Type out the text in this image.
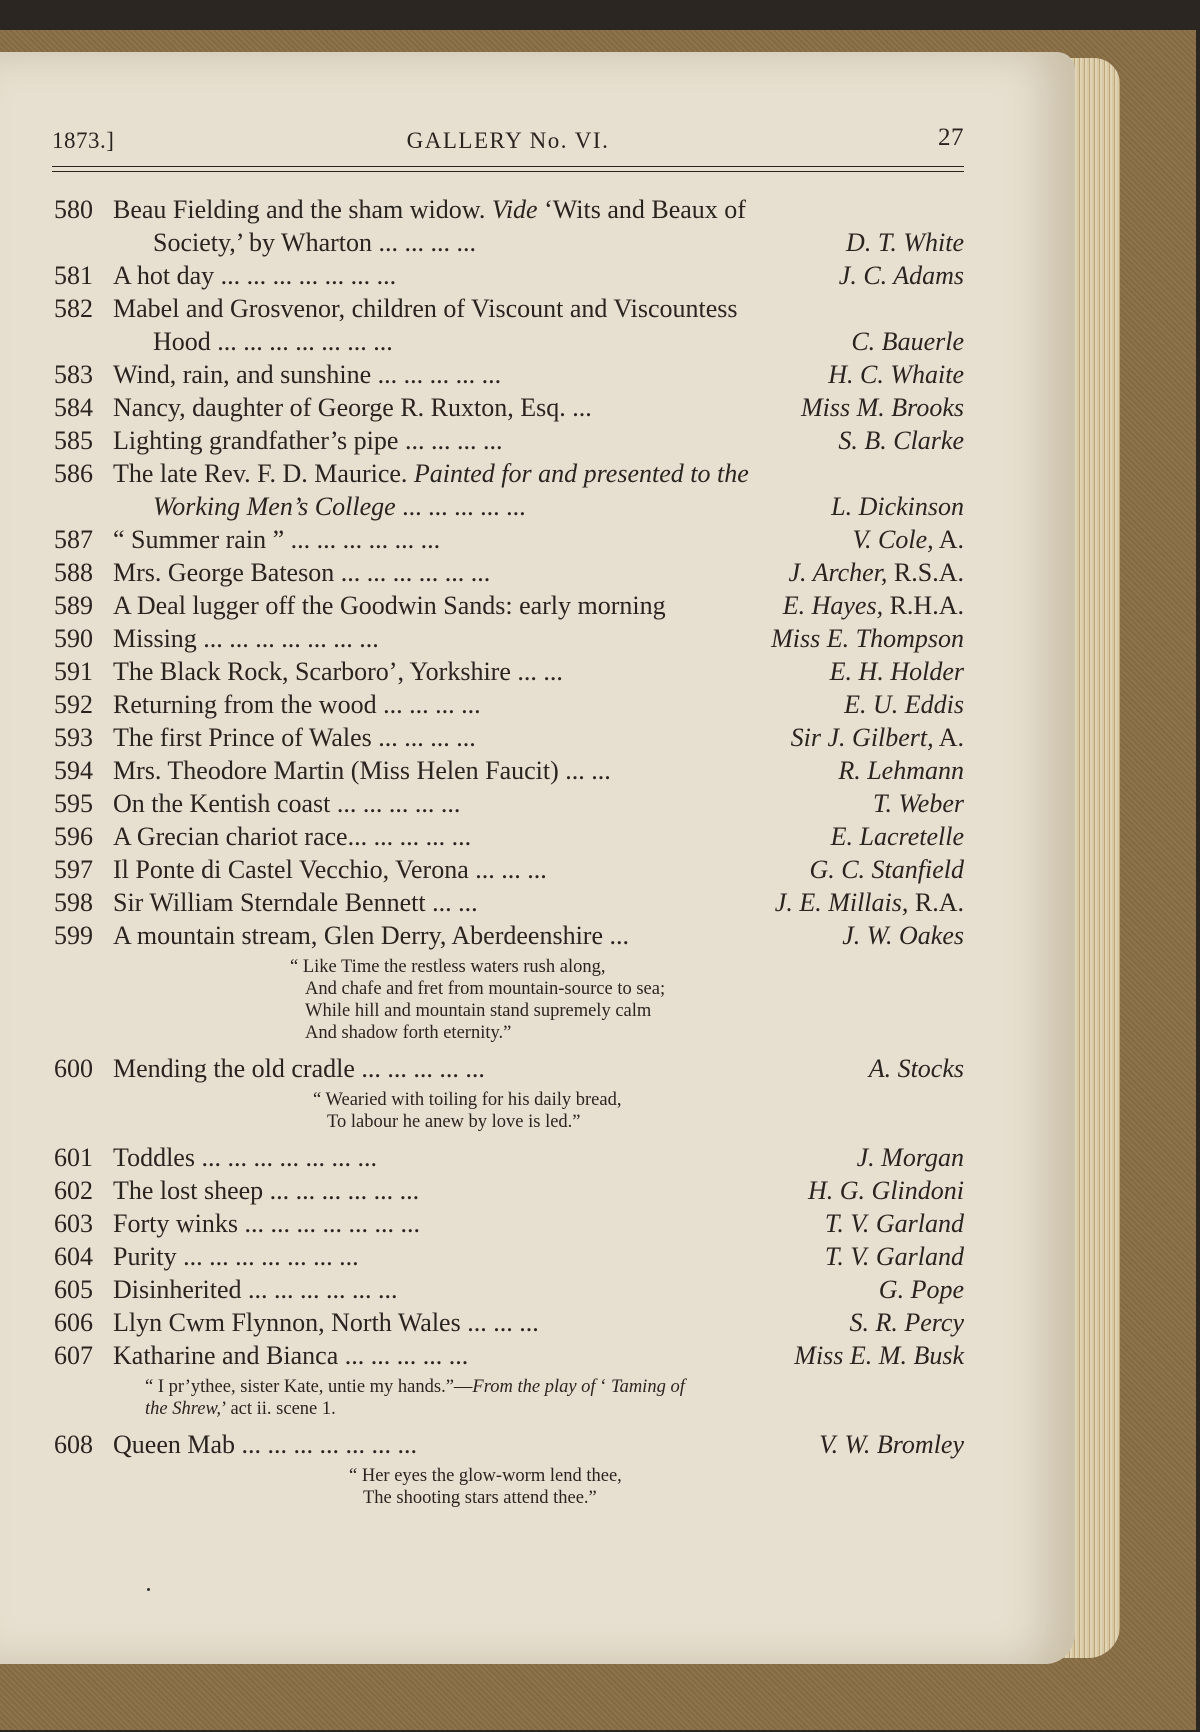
1873.]	GALLERY No. VI.	27
580 Beau Fielding and the sham widow. Vide ‘Wits and Beaux of
Society,’ by Wharton ... ... ... ...	D. T. White
581 A hot day ... ... ... ... ... ... ...	J. C. Adams
582 Mabel and Grosvenor, children of Viscount and Viscountess
Hood ... ... ... ... ... ... ...	C. Bauerle
583 Wind, rain, and sunshine ... ... ... ... ...	H. C. Whaite
584 Nancy, daughter of George R. Ruxton, Esq. ...	Miss M. Brooks
585 Lighting grandfather’s pipe ... ... ... ...	S. B. Clarke
586 The late Rev. F. D. Maurice. Painted for and presented to the
Working Men’s College ... ... ... ... ...	L. Dickinson
587 “ Summer rain ” ... ... ... ... ... ...	V. Cole, A.
588 Mrs. George Bateson ... ... ... ... ... ...	J. Archer, R.S.A.
589 A Deal lugger off the Goodwin Sands: early morning	E. Hayes, R.H.A.
590 Missing ... ... ... ... ... ... ...	Miss E. Thompson
591 The Black Rock, Scarboro’, Yorkshire ... ...	E. H. Holder
592 Returning from the wood ... ... ... ...	E. U. Eddis
593 The first Prince of Wales ... ... ... ...	Sir J. Gilbert, A.
594 Mrs. Theodore Martin (Miss Helen Faucit) ... ...	R. Lehmann
595 On the Kentish coast ... ... ... ... ...	T. Weber
596 A Grecian chariot race... ... ... ... ...	E. Lacretelle
597 Il Ponte di Castel Vecchio, Verona ... ... ...	G. C. Stanfield
598 Sir William Sterndale Bennett ... ...	J. E. Millais, R.A.
599 A mountain stream, Glen Derry, Aberdeenshire ...	J. W. Oakes
“ Like Time the restless waters rush along,
And chafe and fret from mountain-source to sea;
While hill and mountain stand supremely calm
And shadow forth eternity.”
600 Mending the old cradle ... ... ... ... ...	A. Stocks
“ Wearied with toiling for his daily bread,
To labour he anew by love is led.”
601 Toddles ... ... ... ... ... ... ...	J. Morgan
602 The lost sheep ... ... ... ... ... ...	H. G. Glindoni
603 Forty winks ... ... ... ... ... ... ...	T. V. Garland
604 Purity ... ... ... ... ... ... ...	T. V. Garland
605 Disinherited ... ... ... ... ... ...	G. Pope
606 Llyn Cwm Flynnon, North Wales ... ... ...	S. R. Percy
607 Katharine and Bianca ... ... ... ... ...	Miss E. M. Busk
“ I pr’ythee, sister Kate, untie my hands.”—From the play of ‘ Taming of
the Shrew,’ act ii. scene 1.
608 Queen Mab ... ... ... ... ... ... ...	V. W. Bromley
“ Her eyes the glow-worm lend thee,
The shooting stars attend thee.”
